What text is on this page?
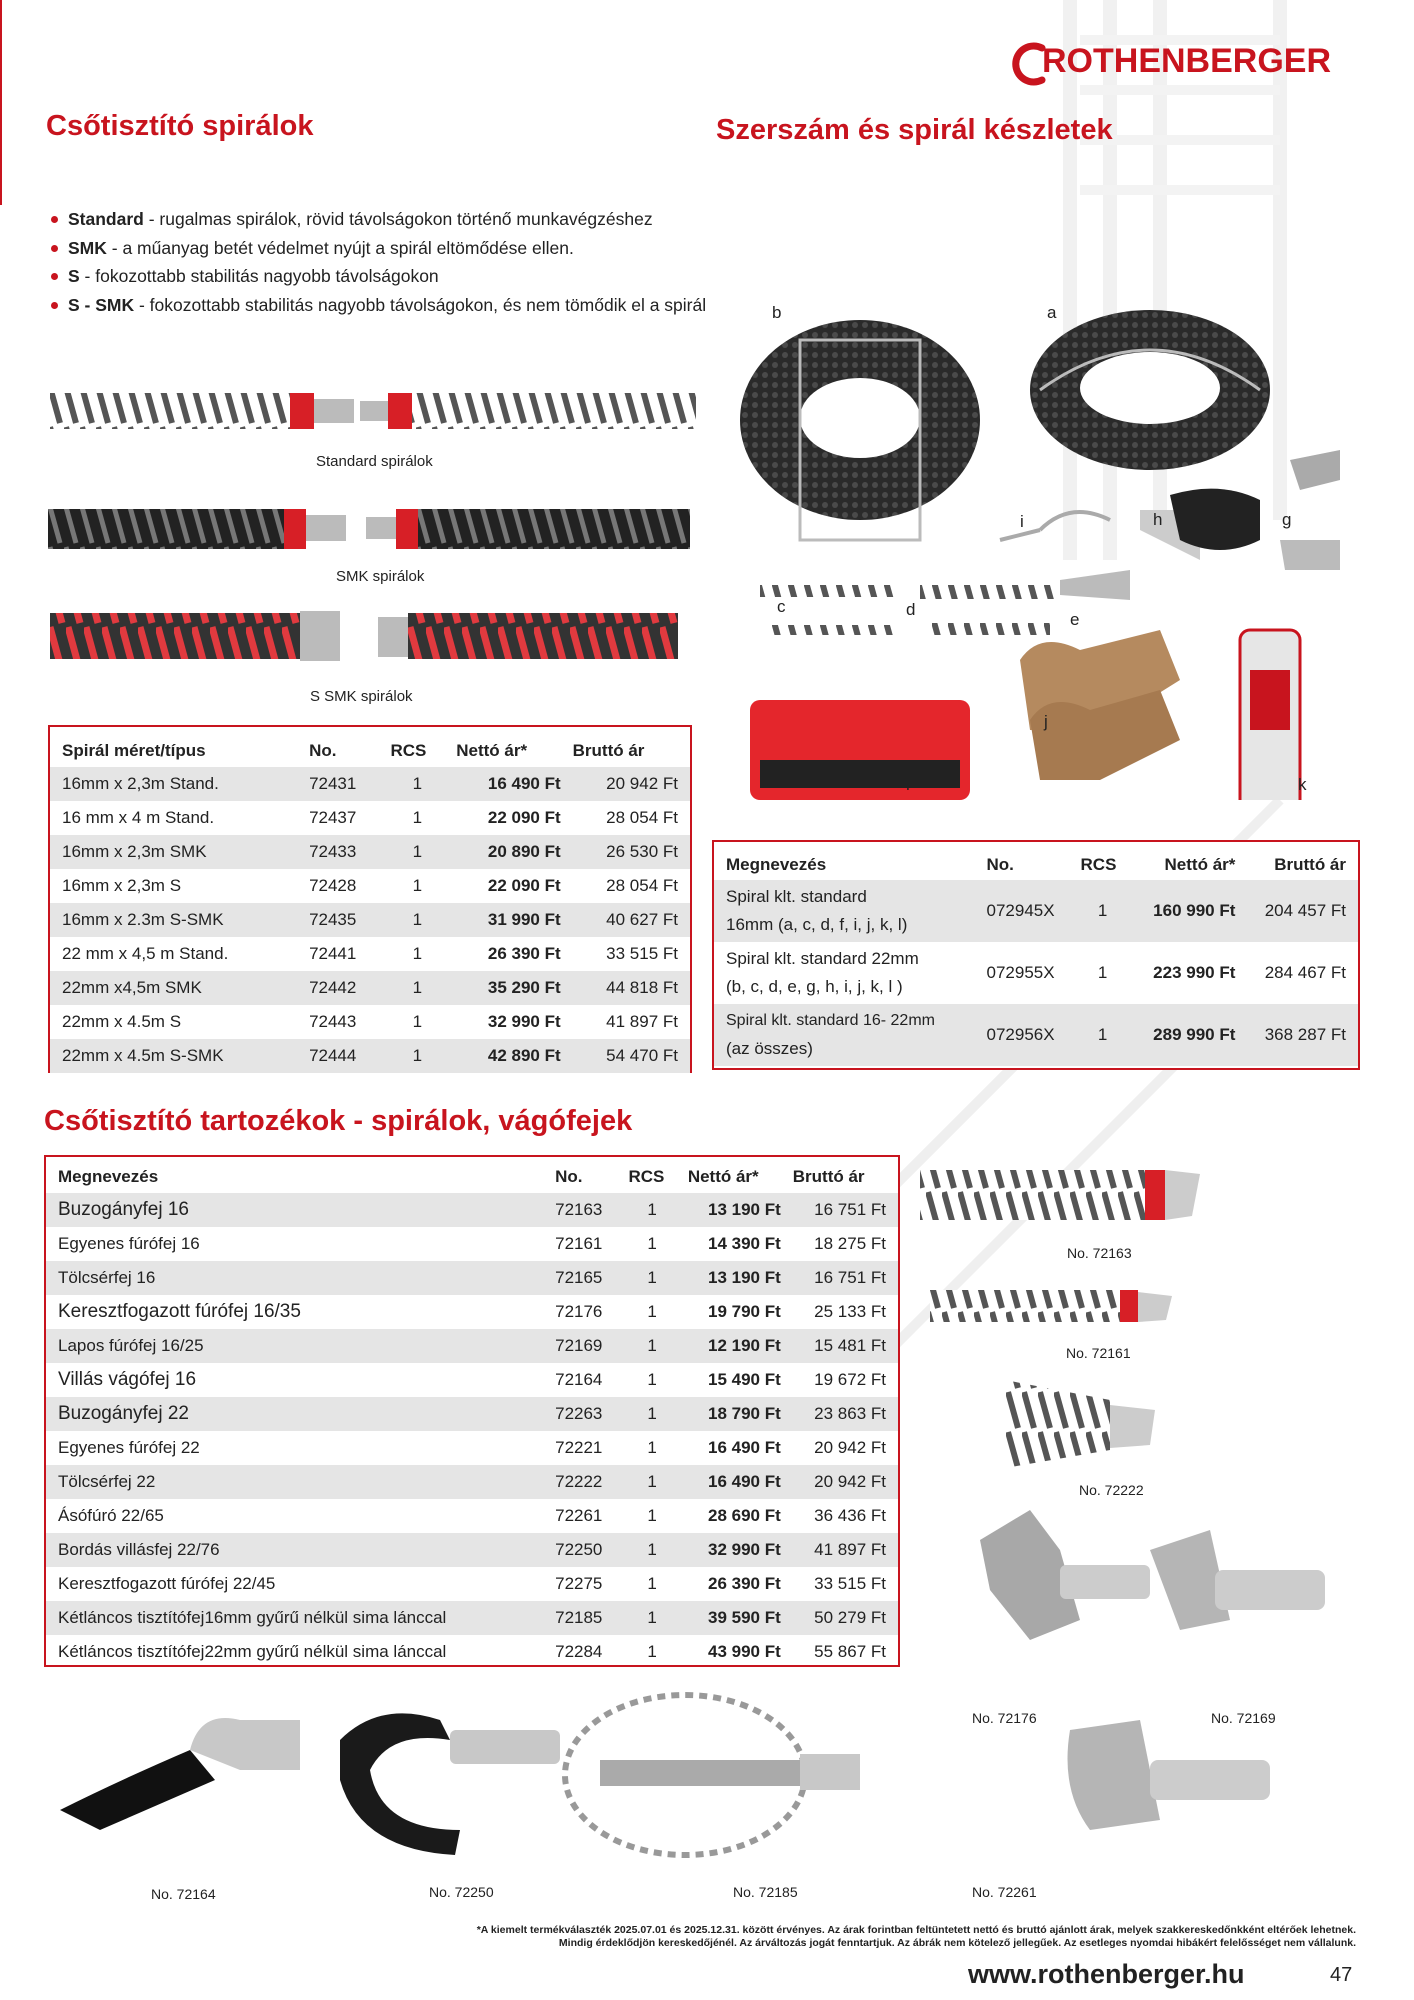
ROTHENBERGER
Csőtisztító spirálok	Szerszám és spirál készletek
Standard - rugalmas spirálok, rövid távolságokon történő munkavégzéshez
SMK - a műanyag betét védelmet nyújt a spirál eltömődése ellen.
S - fokozottabb stabilitás nagyobb távolságokon
S - SMK - fokozottabb stabilitás nagyobb távolságokon, és nem tömődik el a spirál
Standard spirálok
SMK spirálok
S SMK spirálok
Spirál méret/típus	No.	RCS	Nettó ár*	Bruttó ár
16mm x 2,3m Stand.	72431	1	16 490 Ft	20 942 Ft
16 mm x 4 m Stand.	72437	1	22 090 Ft	28 054 Ft
16mm x 2,3m SMK	72433	1	20 890 Ft	26 530 Ft
16mm x 2,3m S	72428	1	22 090 Ft	28 054 Ft
16mm x 2.3m S-SMK	72435	1	31 990 Ft	40 627 Ft
22 mm x 4,5 m Stand.	72441	1	26 390 Ft	33 515 Ft
22mm x4,5m SMK	72442	1	35 290 Ft	44 818 Ft
22mm x 4.5m S	72443	1	32 990 Ft	41 897 Ft
22mm x 4.5m S-SMK	72444	1	42 890 Ft	54 470 Ft
b	a
i	h	g
c	d
e
j
l	k
Megnevezés	No.	RCS	Nettó ár*	Bruttó ár

Spiral klt. standard
16mm (a, c, d, f, i, j, k, l)	072945X	1	160 990 Ft	204 457 Ft

Spiral klt. standard 22mm
(b, c, d, e, g, h, i, j, k, l )	072955X	1	223 990 Ft	284 467 Ft

Spiral klt. standard 16- 22mm
(az összes)	072956X	1	289 990 Ft	368 287 Ft
Csőtisztító tartozékok - spirálok, vágófejek
Megnevezés	No.	RCS	Nettó ár*	Bruttó ár
Buzogányfej 16	72163	1	13 190 Ft	16 751 Ft
Egyenes fúrófej 16	72161	1	14 390 Ft	18 275 Ft
Tölcsérfej 16	72165	1	13 190 Ft	16 751 Ft
Keresztfogazott fúrófej 16/35	72176	1	19 790 Ft	25 133 Ft
Lapos fúrófej 16/25	72169	1	12 190 Ft	15 481 Ft
Villás vágófej 16	72164	1	15 490 Ft	19 672 Ft
Buzogányfej 22	72263	1	18 790 Ft	23 863 Ft
Egyenes fúrófej 22	72221	1	16 490 Ft	20 942 Ft
Tölcsérfej 22	72222	1	16 490 Ft	20 942 Ft
Ásófúró 22/65	72261	1	28 690 Ft	36 436 Ft
Bordás villásfej 22/76	72250	1	32 990 Ft	41 897 Ft
Keresztfogazott fúrófej 22/45	72275	1	26 390 Ft	33 515 Ft
Kétláncos tisztítófej16mm gyűrű nélkül sima lánccal	72185	1	39 590 Ft	50 279 Ft
Kétláncos tisztítófej22mm gyűrű nélkül sima lánccal	72284	1	43 990 Ft	55 867 Ft
No. 72163
No. 72161
No. 72222
No. 72176	No. 72169
No. 72164	No. 72250	No. 72185	No. 72261
*A kiemelt termékválaszték 2025.07.01 és 2025.12.31. között érvényes. Az árak forintban feltüntetett nettó és bruttó ajánlott árak, melyek szakkereskedőnkként eltérőek lehetnek.
Mindig érdeklődjön kereskedőjénél. Az árváltozás jogát fenntartjuk. Az ábrák nem kötelező jellegűek. Az esetleges nyomdai hibákért felelősséget nem vállalunk.
www.rothenberger.hu	47
